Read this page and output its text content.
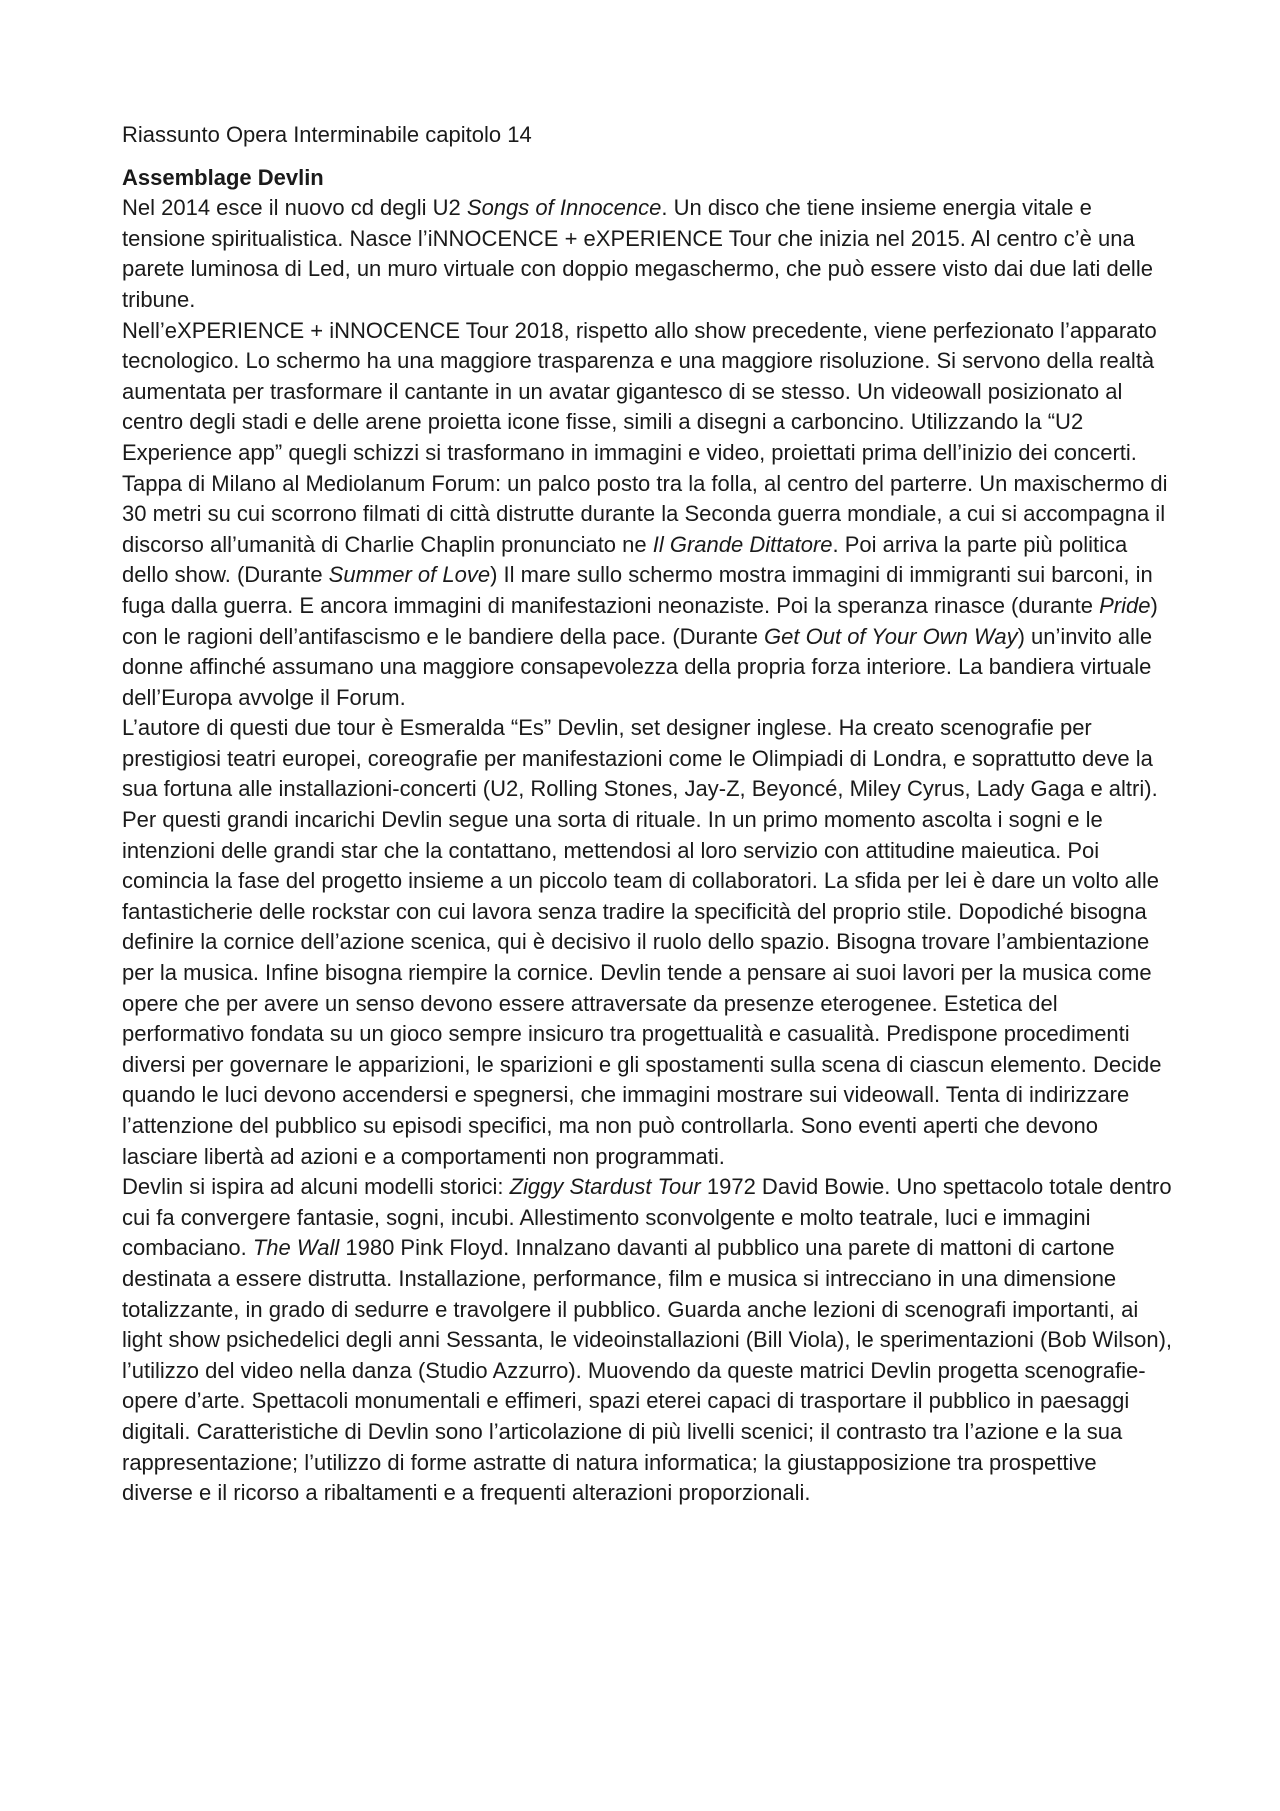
Riassunto Opera Interminabile capitolo 14

Assemblage Devlin

Nel 2014 esce il nuovo cd degli U2 Songs of Innocence. Un disco che tiene insieme energia vitale e tensione spiritualistica. Nasce l’iNNOCENCE + eXPERIENCE Tour che inizia nel 2015. Al centro c’è una parete luminosa di Led, un muro virtuale con doppio megaschermo, che può essere visto dai due lati delle tribune.

Nell’eXPERIENCE + iNNOCENCE Tour 2018, rispetto allo show precedente, viene perfezionato l’apparato tecnologico. Lo schermo ha una maggiore trasparenza e una maggiore risoluzione. Si servono della realtà aumentata per trasformare il cantante in un avatar gigantesco di se stesso. Un videowall posizionato al centro degli stadi e delle arene proietta icone fisse, simili a disegni a carboncino. Utilizzando la “U2 Experience app” quegli schizzi si trasformano in immagini e video, proiettati prima dell’inizio dei concerti.

Tappa di Milano al Mediolanum Forum: un palco posto tra la folla, al centro del parterre. Un maxischermo di 30 metri su cui scorrono filmati di città distrutte durante la Seconda guerra mondiale, a cui si accompagna il discorso all’umanità di Charlie Chaplin pronunciato ne Il Grande Dittatore. Poi arriva la parte più politica dello show. (Durante Summer of Love) Il mare sullo schermo mostra immagini di immigranti sui barconi, in fuga dalla guerra. E ancora immagini di manifestazioni neonaziste. Poi la speranza rinasce (durante Pride) con le ragioni dell’antifascismo e le bandiere della pace. (Durante Get Out of Your Own Way) un’invito alle donne affinché assumano una maggiore consapevolezza della propria forza interiore. La bandiera virtuale dell’Europa avvolge il Forum.

L’autore di questi due tour è Esmeralda “Es” Devlin, set designer inglese. Ha creato scenografie per prestigiosi teatri europei, coreografie per manifestazioni come le Olimpiadi di Londra, e soprattutto deve la sua fortuna alle installazioni-concerti (U2, Rolling Stones, Jay-Z, Beyoncé, Miley Cyrus, Lady Gaga e altri). Per questi grandi incarichi Devlin segue una sorta di rituale. In un primo momento ascolta i sogni e le intenzioni delle grandi star che la contattano, mettendosi al loro servizio con attitudine maieutica. Poi comincia la fase del progetto insieme a un piccolo team di collaboratori. La sfida per lei è dare un volto alle fantasticherie delle rockstar con cui lavora senza tradire la specificità del proprio stile. Dopodiché bisogna definire la cornice dell’azione scenica, qui è decisivo il ruolo dello spazio. Bisogna trovare l’ambientazione per la musica. Infine bisogna riempire la cornice. Devlin tende a pensare ai suoi lavori per la musica come opere che per avere un senso devono essere attraversate da presenze eterogenee. Estetica del performativo fondata su un gioco sempre insicuro tra progettualità e casualità. Predispone procedimenti diversi per governare le apparizioni, le sparizioni e gli spostamenti sulla scena di ciascun elemento. Decide quando le luci devono accendersi e spegnersi, che immagini mostrare sui videowall. Tenta di indirizzare l’attenzione del pubblico su episodi specifici, ma non può controllarla. Sono eventi aperti che devono lasciare libertà ad azioni e a comportamenti non programmati.

Devlin si ispira ad alcuni modelli storici: Ziggy Stardust Tour 1972 David Bowie. Uno spettacolo totale dentro cui fa convergere fantasie, sogni, incubi. Allestimento sconvolgente e molto teatrale, luci e immagini combaciano. The Wall 1980 Pink Floyd. Innalzano davanti al pubblico una parete di mattoni di cartone destinata a essere distrutta. Installazione, performance, film e musica si intrecciano in una dimensione totalizzante, in grado di sedurre e travolgere il pubblico. Guarda anche lezioni di scenografi importanti, ai light show psichedelici degli anni Sessanta, le videoinstallazioni (Bill Viola), le sperimentazioni (Bob Wilson), l’utilizzo del video nella danza (Studio Azzurro). Muovendo da queste matrici Devlin progetta scenografie-opere d’arte. Spettacoli monumentali e effimeri, spazi eterei capaci di trasportare il pubblico in paesaggi digitali. Caratteristiche di Devlin sono l’articolazione di più livelli scenici; il contrasto tra l’azione e la sua rappresentazione; l’utilizzo di forme astratte di natura informatica; la giustapposizione tra prospettive diverse e il ricorso a ribaltamenti e a frequenti alterazioni proporzionali.
